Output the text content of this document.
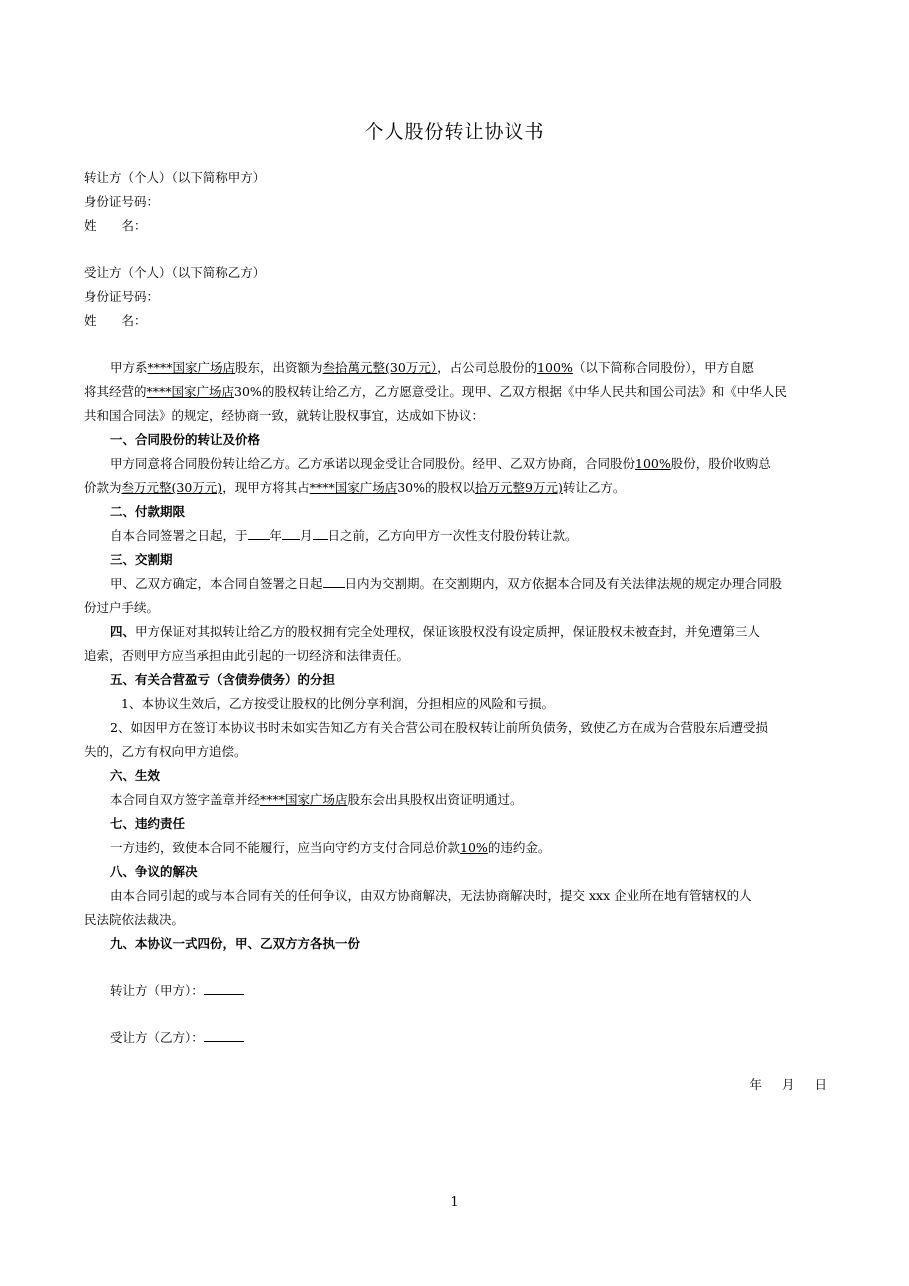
个人股份转让协议书
转让方（个人）（以下简称甲方）
身份证号码：
姓　　名：
受让方（个人）（以下简称乙方）
身份证号码：
姓　　名：
甲方系****国家广场店股东，出资额为叁拾萬元整(30万元），占公司总股份的100%（以下简称合同股份），甲方自愿
将其经营的****国家广场店30%的股权转让给乙方，乙方愿意受让。现甲、乙双方根据《中华人民共和国公司法》和《中华人民
共和国合同法》的规定，经协商一致，就转让股权事宜，达成如下协议：
一、合同股份的转让及价格
甲方同意将合同股份转让给乙方。乙方承诺以现金受让合同股份。经甲、乙双方协商，合同股份100%股份，股价收购总
价款为叁万元整(30万元)，现甲方将其占****国家广场店30%的股权以拾万元整9万元)转让乙方。
二、付款期限
自本合同签署之日起，于 年 月 日之前，乙方向甲方一次性支付股份转让款。
三、交割期
甲、乙双方确定，本合同自签署之日起 日内为交割期。在交割期内，双方依据本合同及有关法律法规的规定办理合同股
份过户手续。
四、甲方保证对其拟转让给乙方的股权拥有完全处理权，保证该股权没有设定质押，保证股权未被查封，并免遭第三人
追索，否则甲方应当承担由此引起的一切经济和法律责任。
五、有关合营盈亏（含债券债务）的分担
1、本协议生效后，乙方按受让股权的比例分享利润，分担相应的风险和亏损。
2、如因甲方在签订本协议书时未如实告知乙方有关合营公司在股权转让前所负债务，致使乙方在成为合营股东后遭受损
失的，乙方有权向甲方追偿。
六、生效
本合同自双方签字盖章并经****国家广场店股东会出具股权出资证明通过。
七、违约责任
一方违约，致使本合同不能履行，应当向守约方支付合同总价款10%的违约金。
八、争议的解决
由本合同引起的或与本合同有关的任何争议，由双方协商解决，无法协商解决时，提交 xxx 企业所在地有管辖权的人
民法院依法裁决。
九、本协议一式四份，甲、乙双方方各执一份
转让方（甲方）：
受让方（乙方）：
年 月 日
1
